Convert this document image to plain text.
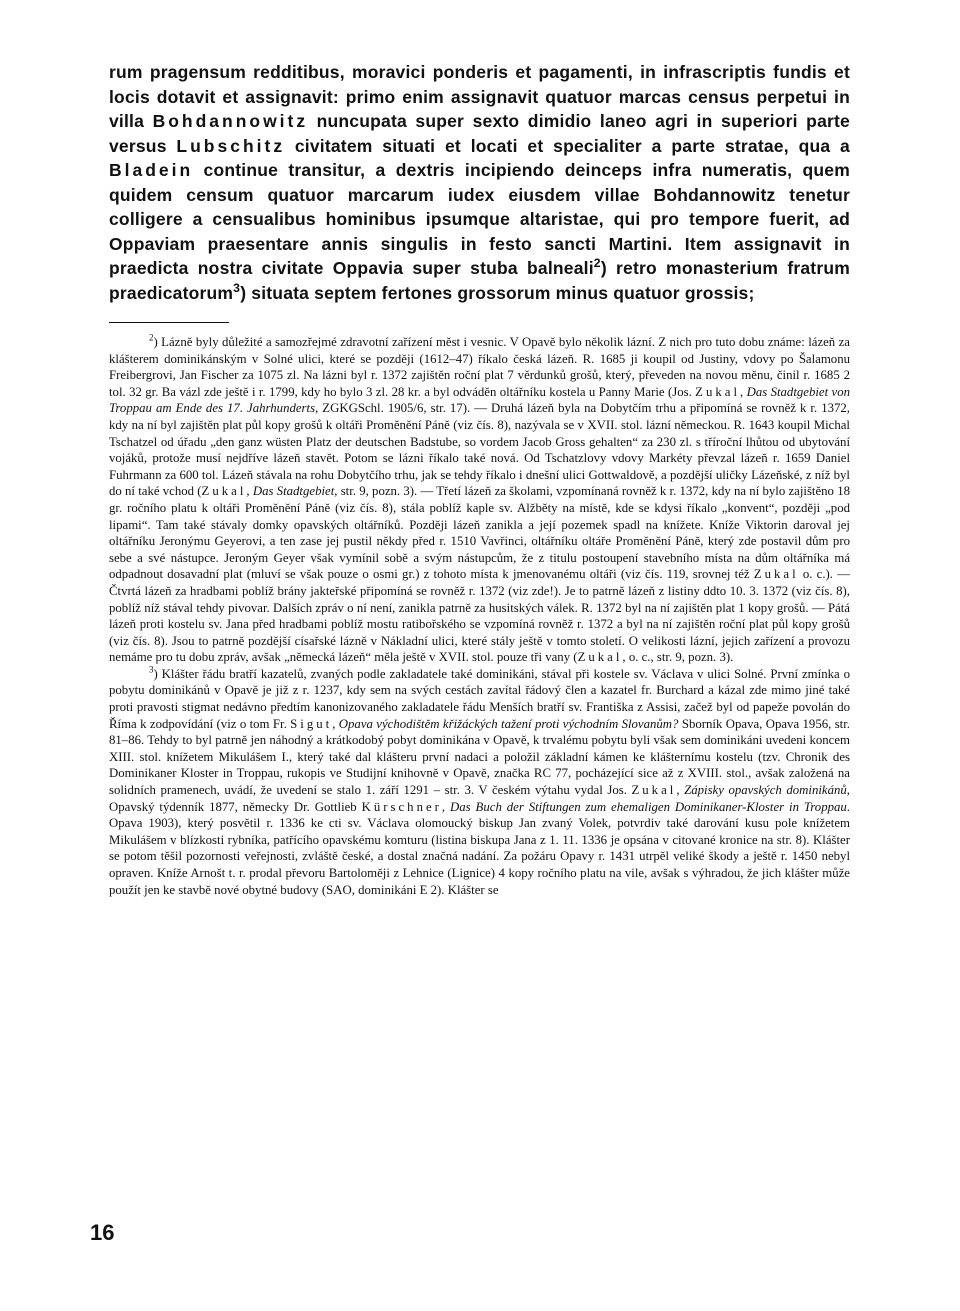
rum pragensum redditibus, moravici ponderis et pagamenti, in infrascriptis fundis et locis dotavit et assignavit: primo enim assignavit quatuor marcas census perpetui in villa Bohdannowitz nuncupata super sexto dimidio laneo agri in superiori parte versus Lubschitz civitatem situati et locati et specialiter a parte stratae, qua a Bladein continue transitur, a dextris incipiendo deinceps infra numeratis, quem quidem censum quatuor marcarum iudex eiusdem villae Bohdannowitz tenetur colligere a censualibus hominibus ipsumque altaristae, qui pro tempore fuerit, ad Oppaviam praesentare annis singulis in festo sancti Martini. Item assignavit in praedicta nostra civitate Oppavia super stuba balneali$^2$) retro monasterium fratrum praedicatorum$^3$) situata septem fertones grossorum minus quatuor grossis;

$^2$) Lázně byly důležité a samozřejmé zdravotní zařízení měst i vesnic. V Opavě bylo několik lázní. Z nich pro tuto dobu známe: lázeň za klášterem dominikánským v Solné ulici, které se později (1612–47) říkalo česká lázeň. R. 1685 ji koupil od Justiny, vdovy po Šalamonu Freibergrovi, Jan Fischer za 1075 zl. Na lázni byl r. 1372 zajištěn roční plat 7 věrdunků grošů, který, převeden na novou měnu, činil r. 1685 2 tol. 32 gr. Ba vázl zde ještě i r. 1799, kdy ho bylo 3 zl. 28 kr. a byl odváděn oltářníku kostela u Panny Marie (Jos. Zukal, Das Stadtgebiet von Troppau am Ende des 17. Jahrhunderts, ZGKGSchl. 1905/6, str. 17). — Druhá lázeň byla na Dobytčím trhu a připomíná se rovněž k r. 1372, kdy na ní byl zajištěn plat půl kopy grošů k oltáři Proměnění Páně (viz čís. 8), nazývala se v XVII. stol. lázní německou. R. 1643 koupil Michal Tschatzel od úřadu „den ganz wüsten Platz der deutschen Badstube, so vordem Jacob Gross gehalten“ za 230 zl. s tříroční lhůtou od ubytování vojáků, protože musí nejdříve lázeň stavět. Potom se lázni říkalo také nová. Od Tschatzlovy vdovy Markéty převzal lázeň r. 1659 Daniel Fuhrmann za 600 tol. Lázeň stávala na rohu Dobytčího trhu, jak se tehdy říkalo i dnešní ulici Gottwaldově, a pozdější uličky Lázeňské, z níž byl do ní také vchod (Zukal, Das Stadtgebiet, str. 9, pozn. 3). — Třetí lázeň za školami, vzpomínaná rovněž k r. 1372, kdy na ní bylo zajištěno 18 gr. ročního platu k oltáři Proměnění Páně (viz čís. 8), stála poblíž kaple sv. Alžběty na místě, kde se kdysi říkalo „konvent“, později „pod lipami“. Tam také stávaly domky opavských oltářníků. Později lázeň zanikla a její pozemek spadl na knížete. Kníže Viktorin daroval jej oltářníku Jeronýmu Geyerovi, a ten zase jej pustil někdy před r. 1510 Vavřinci, oltářníku oltáře Proměnění Páně, který zde postavil dům pro sebe a své nástupce. Jeroným Geyer však vymínil sobě a svým nástupcům, že z titulu postoupení stavebního místa na dům oltářníka má odpadnout dosavadní plat (mluví se však pouze o osmi gr.) z tohoto místa k jmenovanému oltáři (viz čís. 119, srovnej též Zukal o. c.). — Čtvrtá lázeň za hradbami poblíž brány jakteřské připomíná se rovněž r. 1372 (viz zde!). Je to patrně lázeň z listiny ddto 10. 3. 1372 (viz čís. 8), poblíž níž stával tehdy pivovar. Dalších zpráv o ní není, zanikla patrně za husitských válek. R. 1372 byl na ní zajištěn plat 1 kopy grošů. — Pátá lázeň proti kostelu sv. Jana před hradbami poblíž mostu ratibořského se vzpomíná rovněž r. 1372 a byl na ní zajištěn roční plat půl kopy grošů (viz čís. 8). Jsou to patrně pozdější císařské lázně v Nákladní ulici, které stály ještě v tomto století. O velikosti lázní, jejich zařízení a provozu nemáme pro tu dobu zpráv, avšak „německá lázeň“ měla ještě v XVII. stol. pouze tři vany (Zukal, o. c., str. 9, pozn. 3).

$^3$) Klášter řádu bratří kazatelů, zvaných podle zakladatele také dominikáni, stával při kostele sv. Václava v ulici Solné. První zmínka o pobytu dominikánů v Opavě je již z r. 1237, kdy sem na svých cestách zavítal řádový člen a kazatel fr. Burchard a kázal zde mimo jiné také proti pravosti stigmat nedávno předtím kanonizovaného zakladatele řádu Menších bratří sv. Františka z Assisi, začež byl od papeže povolán do Říma k zodpovídání (viz o tom Fr. Sigut, Opava východištěm křižáckých tažení proti východním Slovanům? Sborník Opava, Opava 1956, str. 81–86. Tehdy to byl patrně jen náhodný a krátkodobý pobyt dominikána v Opavě, k trvalému pobytu byli však sem dominikáni uvedeni koncem XIII. stol. knížetem Mikulášem I., který také dal klášteru první nadaci a položil základní kámen ke klášternímu kostelu (tzv. Chronik des Dominikaner Kloster in Troppau, rukopis ve Studijní knihovně v Opavě, značka RC 77, pocházející sice až z XVIII. stol., avšak založená na solidních pramenech, uvádí, že uvedení se stalo 1. září 1291 – str. 3. V českém výtahu vydal Jos. Zukal, Zápisky opavských dominikánů, Opavský týdenník 1877, německy Dr. Gottlieb Kürschner, Das Buch der Stiftungen zum ehemaligen Dominikaner-Kloster in Troppau. Opava 1903), který posvětil r. 1336 ke cti sv. Václava olomoucký biskup Jan zvaný Volek, potvrdiv také darování kusu pole knížetem Mikulášem v blízkosti rybníka, patřícího opavskému komturu (listina biskupa Jana z 1. 11. 1336 je opsána v citované kronice na str. 8). Klášter se potom těšil pozornosti veřejnosti, zvláště české, a dostal značná nadání. Za požáru Opavy r. 1431 utrpěl veliké škody a ještě r. 1450 nebyl opraven. Kníže Arnošt t. r. prodal převoru Bartoloměji z Lehnice (Lignice) 4 kopy ročního platu na vile, avšak s výhradou, že jich klášter může použít jen ke stavbě nové obytné budovy (SAO, dominikáni E 2). Klášter se

16
